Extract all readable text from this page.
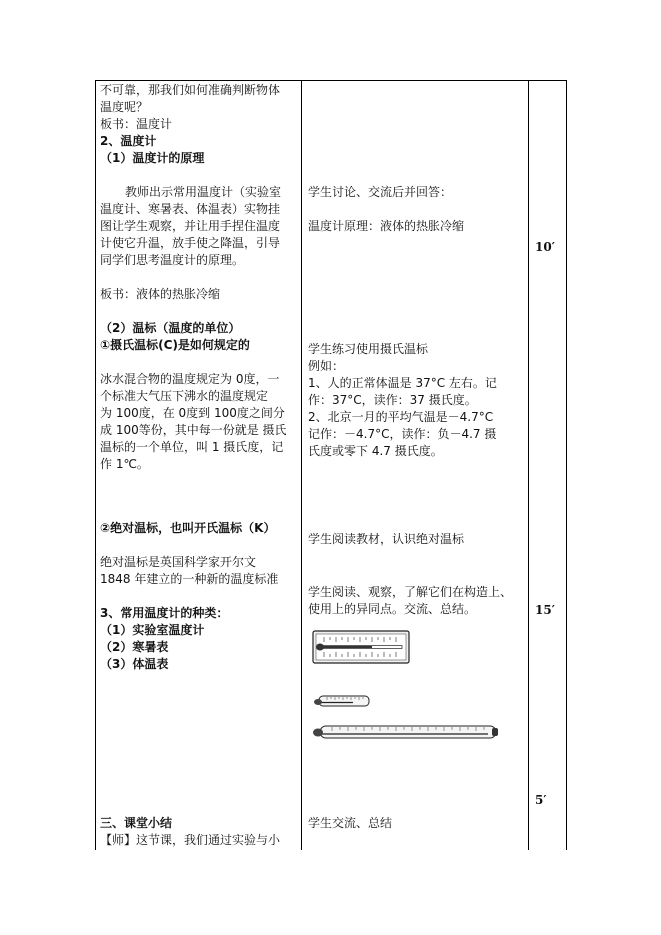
不可靠，那我们如何准确判断物体
温度呢？
板书：温度计
2、温度计
（1）温度计的原理
教师出示常用温度计（实验室
温度计、寒暑表、体温表）实物挂
图让学生观察，并让用手捏住温度
计使它升温，放手使之降温，引导
同学们思考温度计的原理。
板书：液体的热胀冷缩
（2）温标（温度的单位）
①摄氏温标(C)是如何规定的
冰水混合物的温度规定为 0度，一
个标准大气压下沸水的温度规定
为 100度，在 0度到 100度之间分
成 100等份，其中每一份就是 摄氏
温标的一个单位，叫 1 摄氏度，记
作 1℃。
②绝对温标，也叫开氏温标（K）
绝对温标是英国科学家开尔文
1848 年建立的一种新的温度标准
3、常用温度计的种类：
（1）实验室温度计
（2）寒暑表
（3）体温表
三、课堂小结
【师】这节课，我们通过实验与小
学生讨论、交流后并回答：
温度计原理：液体的热胀冷缩
学生练习使用摄氏温标
例如：
1、人的正常体温是 37°C 左右。记
作：37°C，读作：37 摄氏度。
2、北京一月的平均气温是－4.7°C
记作：－4.7°C，读作：负－4.7 摄
氏度或零下 4.7 摄氏度。
学生阅读教材，认识绝对温标
学生阅读、观察，了解它们在构造上、
使用上的异同点。交流、总结。
学生交流、总结
10′
15′
5′
